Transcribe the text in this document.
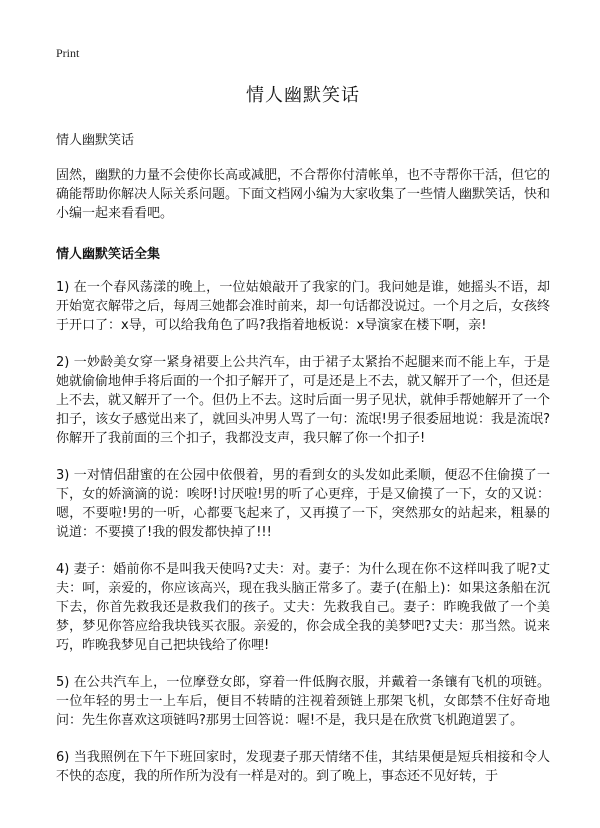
Print
情人幽默笑话
情人幽默笑话

固然，幽默的力量不会使你长高或减肥，不合帮你付清帐单，也不寺帮你干活，但它的确能帮助你解决人际关系问题。下面文档网小编为大家收集了一些情人幽默笑话，快和小编一起来看看吧。

情人幽默笑话全集

1) 在一个春风荡漾的晚上，一位姑娘敲开了我家的门。我问她是谁，她摇头不语，却开始宽衣解带之后，每周三她都会准时前来，却一句话都没说过。一个月之后，女孩终于开口了：x导，可以给我角色了吗?我指着地板说：x导演家在楼下啊，亲!

2) 一妙龄美女穿一紧身裙要上公共汽车，由于裙子太紧抬不起腿来而不能上车，于是她就偷偷地伸手将后面的一个扣子解开了，可是还是上不去，就又解开了一个，但还是上不去，就又解开了一个。但仍上不去。这时后面一男子见状，就伸手帮她解开了一个扣子，该女子感觉出来了，就回头冲男人骂了一句：流氓!男子很委屈地说：我是流氓?你解开了我前面的三个扣子，我都没支声，我只解了你一个扣子!

3) 一对情侣甜蜜的在公园中依偎着，男的看到女的头发如此柔顺，便忍不住偷摸了一下，女的娇滴滴的说：唉呀!讨厌啦!男的听了心更痒，于是又偷摸了一下，女的又说：嗯，不要啦!男的一听，心都要飞起来了，又再摸了一下，突然那女的站起来，粗暴的说道：不要摸了!我的假发都快掉了!!!

4) 妻子：婚前你不是叫我天使吗?丈夫：对。妻子：为什么现在你不这样叫我了呢?丈夫：呵，亲爱的，你应该高兴，现在我头脑正常多了。妻子(在船上)：如果这条船在沉下去，你首先救我还是救我们的孩子。丈夫：先救我自己。妻子：昨晚我做了一个美梦，梦见你答应给我块钱买衣服。亲爱的，你会成全我的美梦吧?丈夫：那当然。说来巧，昨晚我梦见自己把块钱给了你哩!

5) 在公共汽车上，一位摩登女郎，穿着一件低胸衣服，并戴着一条镶有飞机的项链。一位年轻的男士一上车后，便目不转睛的注视着颈链上那架飞机，女郎禁不住好奇地问：先生你喜欢这项链吗?那男士回答说：喔!不是，我只是在欣赏飞机跑道罢了。

6) 当我照例在下午下班回家时，发现妻子那天情绪不佳，其结果便是短兵相接和令人不快的态度，我的所作所为没有一样是对的。到了晚上，事态还不见好转，于
